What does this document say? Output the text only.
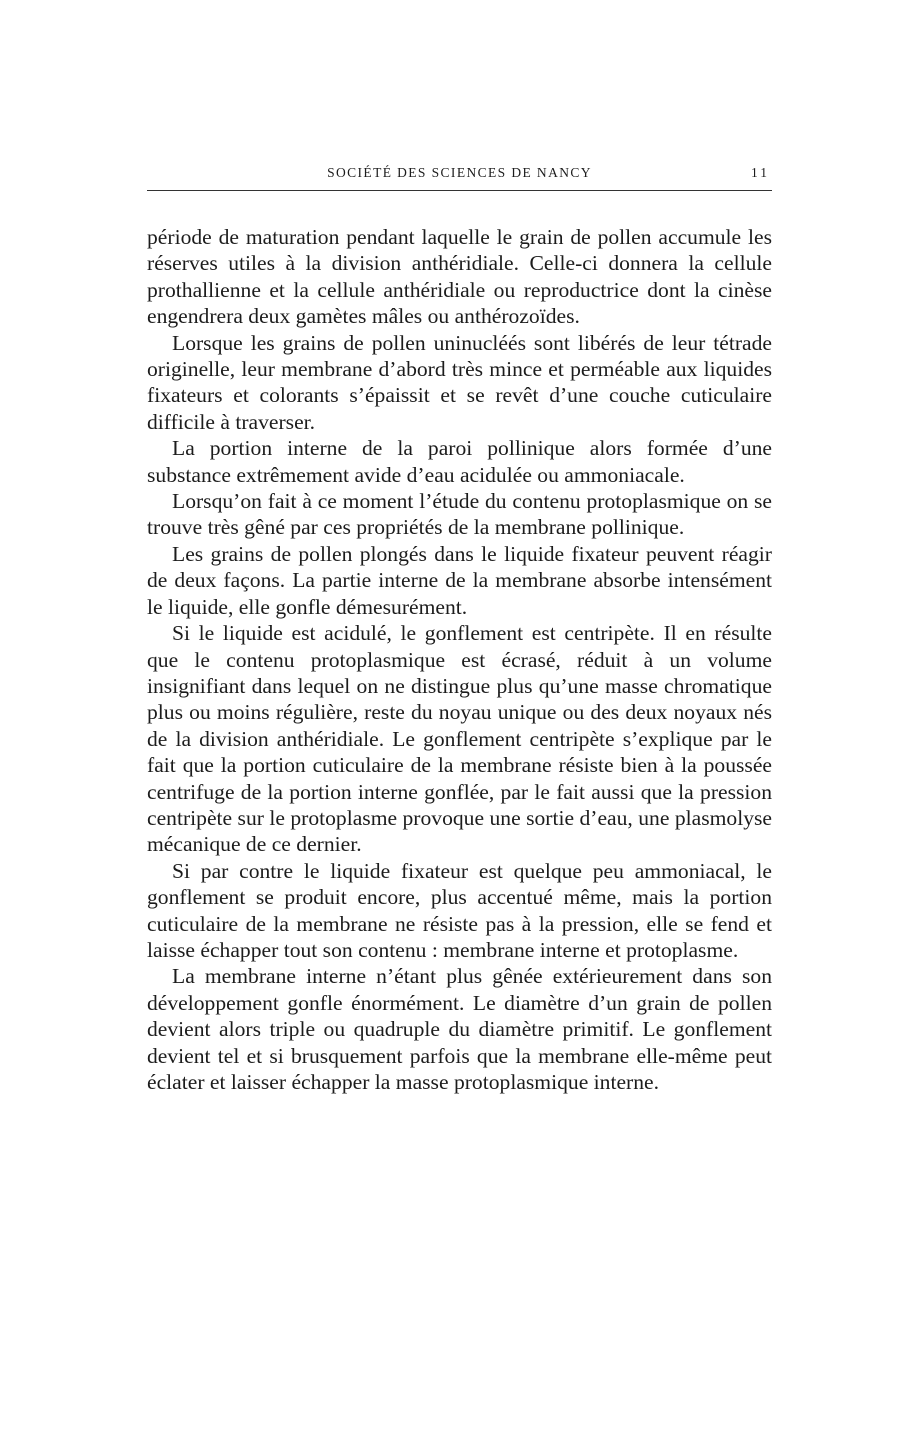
SOCIÉTÉ DES SCIENCES DE NANCY	11

période de maturation pendant laquelle le grain de pollen accumule les réserves utiles à la division anthéridiale. Celle-ci donnera la cellule prothallienne et la cellule anthéridiale ou reproductrice dont la cinèse engendrera deux gamètes mâles ou anthérozoïdes.

Lorsque les grains de pollen uninucléés sont libérés de leur tétrade originelle, leur membrane d’abord très mince et perméable aux liquides fixateurs et colorants s’épaissit et se revêt d’une couche cuticulaire difficile à traverser.

La portion interne de la paroi pollinique alors formée d’une substance extrêmement avide d’eau acidulée ou ammoniacale.

Lorsqu’on fait à ce moment l’étude du contenu protoplasmique on se trouve très gêné par ces propriétés de la membrane pollinique.

Les grains de pollen plongés dans le liquide fixateur peuvent réagir de deux façons. La partie interne de la membrane absorbe intensément le liquide, elle gonfle démesurément.

Si le liquide est acidulé, le gonflement est centripète. Il en résulte que le contenu protoplasmique est écrasé, réduit à un volume insignifiant dans lequel on ne distingue plus qu’une masse chromatique plus ou moins régulière, reste du noyau unique ou des deux noyaux nés de la division anthéridiale. Le gonflement centripète s’explique par le fait que la portion cuticulaire de la membrane résiste bien à la poussée centrifuge de la portion interne gonflée, par le fait aussi que la pression centripète sur le protoplasme provoque une sortie d’eau, une plasmolyse mécanique de ce dernier.

Si par contre le liquide fixateur est quelque peu ammoniacal, le gonflement se produit encore, plus accentué même, mais la portion cuticulaire de la membrane ne résiste pas à la pression, elle se fend et laisse échapper tout son contenu : membrane interne et protoplasme.

La membrane interne n’étant plus gênée extérieurement dans son développement gonfle énormément. Le diamètre d’un grain de pollen devient alors triple ou quadruple du diamètre primitif. Le gonflement devient tel et si brusquement parfois que la membrane elle-même peut éclater et laisser échapper la masse protoplasmique interne.
